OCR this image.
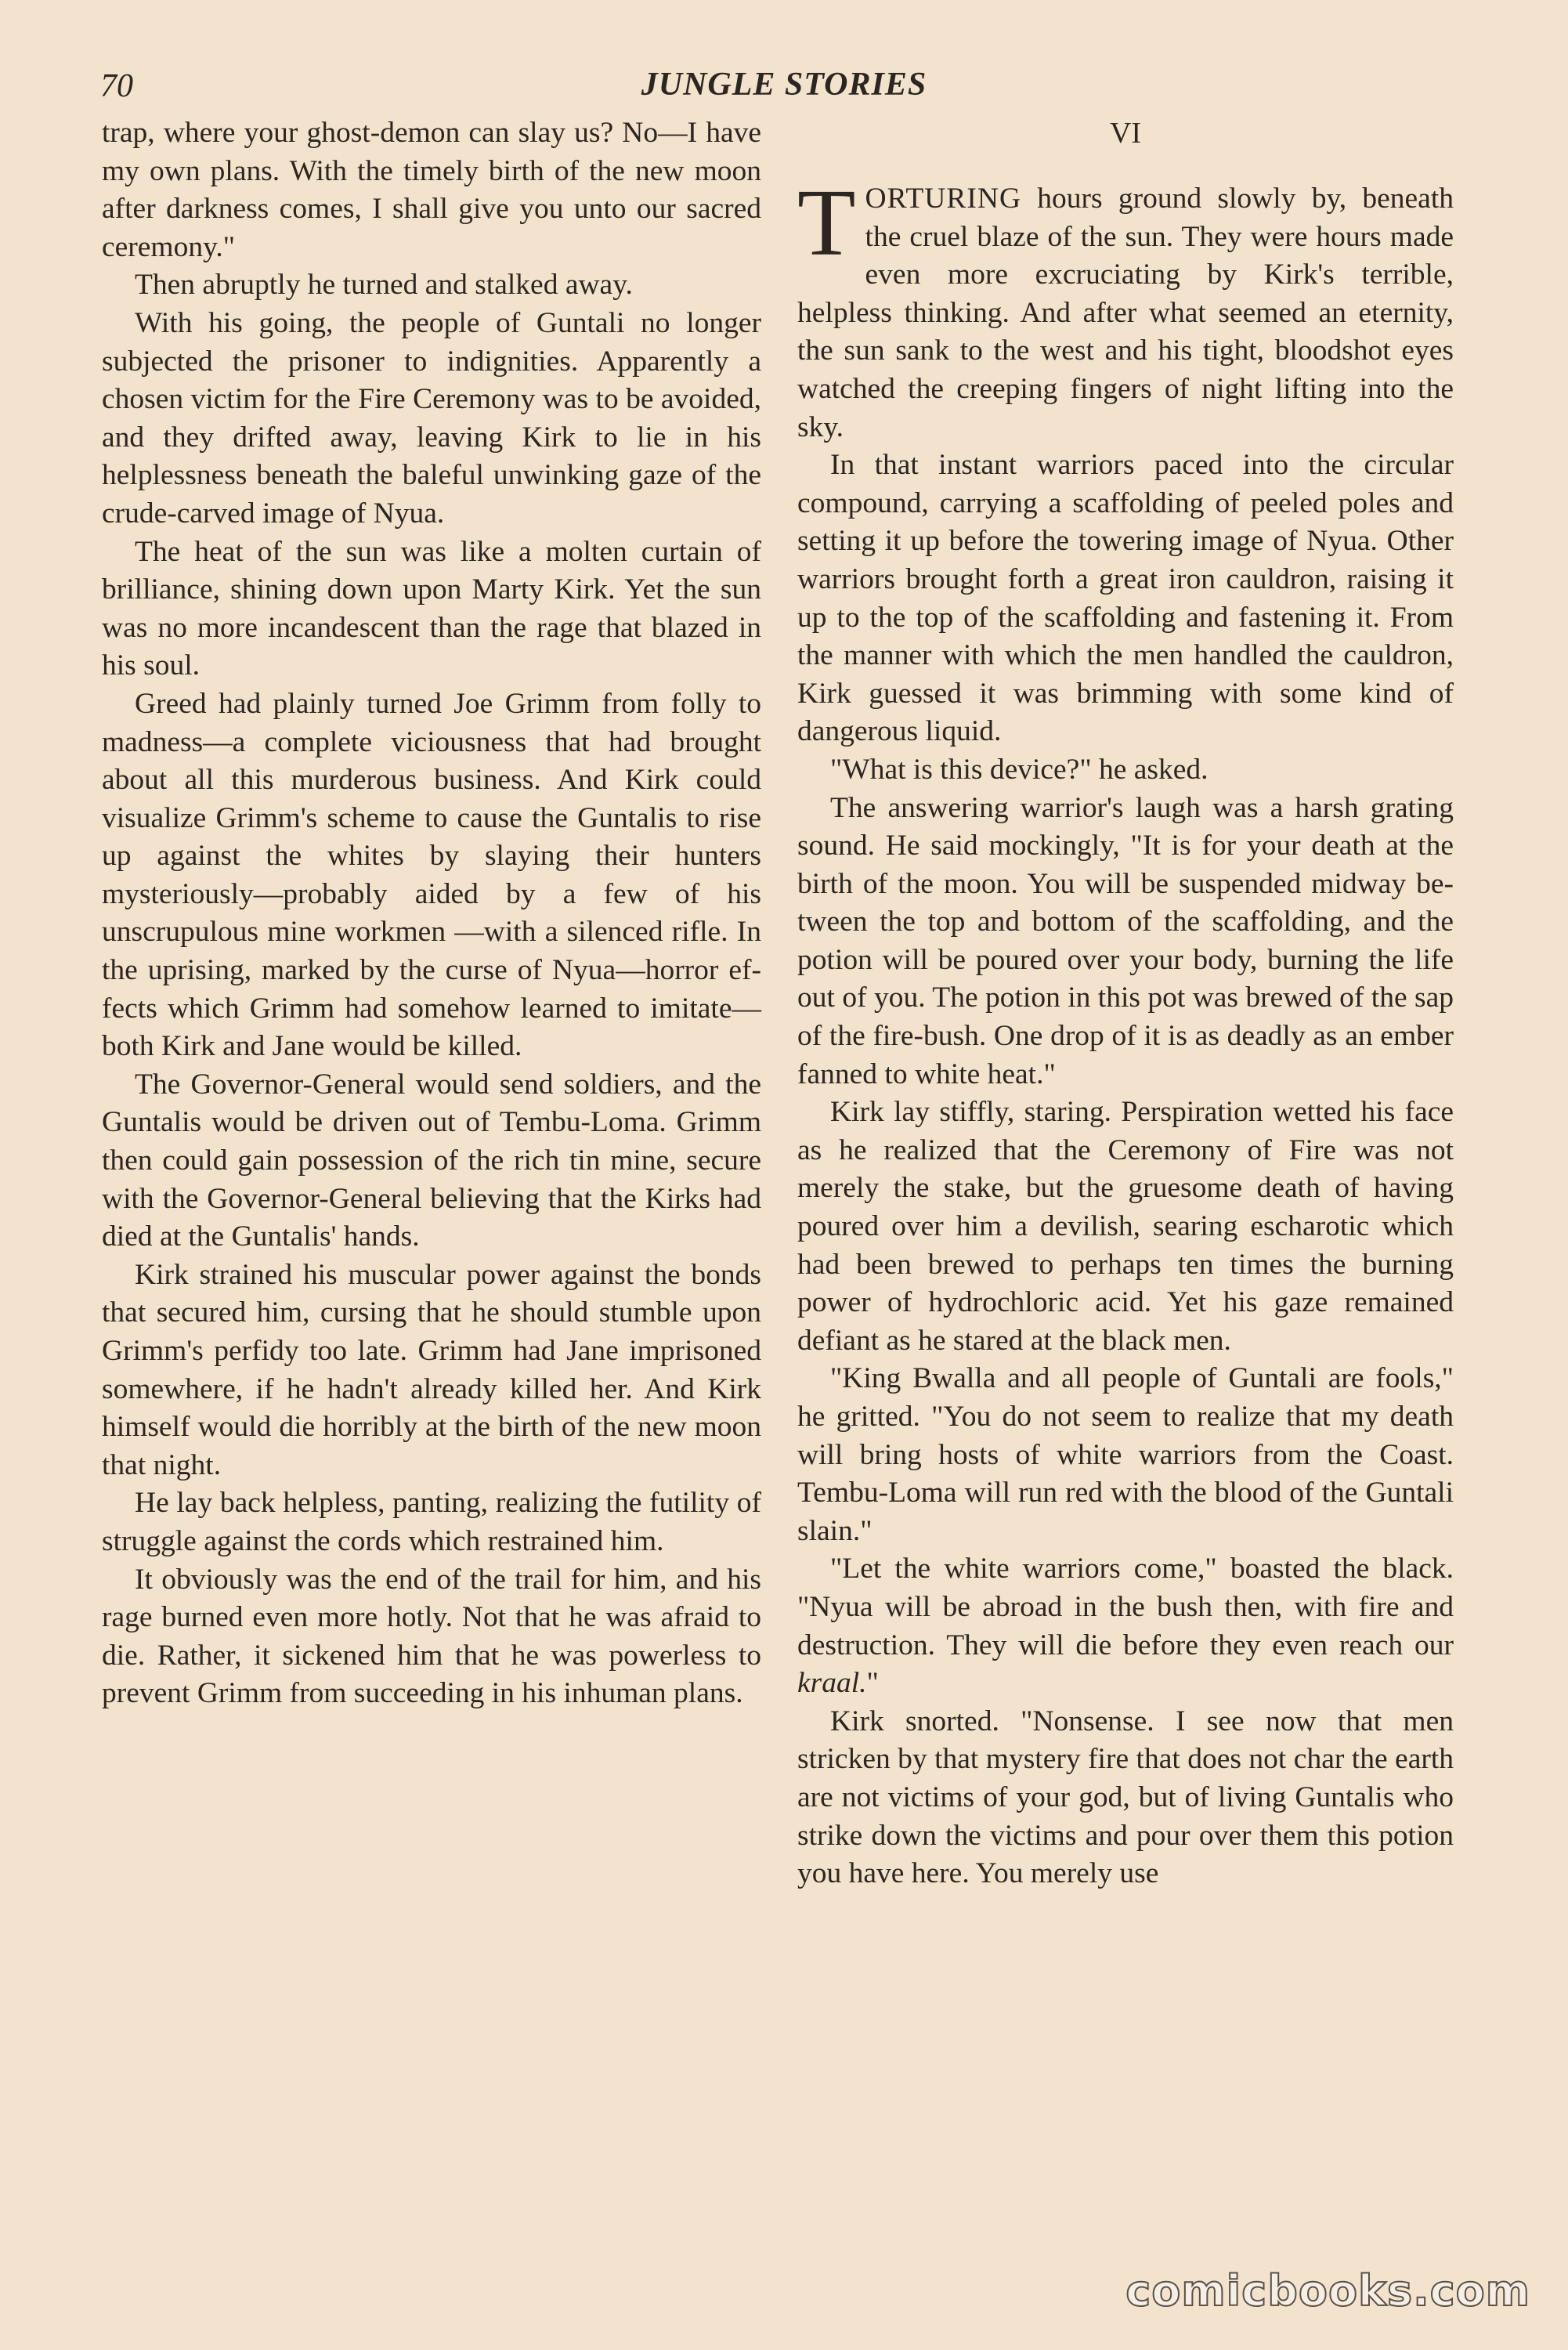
70	JUNGLE STORIES

trap, where your ghost-demon can slay us? No—I have my own plans. With the timely birth of the new moon after darkness comes, I shall give you unto our sacred ceremony."

Then abruptly he turned and stalked away.

With his going, the people of Guntali no longer subjected the prisoner to indignities. Apparently a chosen victim for the Fire Ceremony was to be avoided, and they drifted away, leaving Kirk to lie in his helplessness beneath the baleful unwinking gaze of the crude-carved image of Nyua.

The heat of the sun was like a molten curtain of brilliance, shining down upon Marty Kirk. Yet the sun was no more incandescent than the rage that blazed in his soul.

Greed had plainly turned Joe Grimm from folly to madness—a complete viciousness that had brought about all this murderous business. And Kirk could visualize Grimm's scheme to cause the Guntalis to rise up against the whites by slaying their hunters mysteriously—probably aided by a few of his unscrupulous mine workmen —with a silenced rifle. In the uprising, marked by the curse of Nyua—horror effects which Grimm had somehow learned to imitate—both Kirk and Jane would be killed.

The Governor-General would send soldiers, and the Guntalis would be driven out of Tembu-Loma. Grimm then could gain possession of the rich tin mine, secure with the Governor-General believing that the Kirks had died at the Guntalis' hands.

Kirk strained his muscular power against the bonds that secured him, cursing that he should stumble upon Grimm's perfidy too late. Grimm had Jane imprisoned somewhere, if he hadn't already killed her. And Kirk himself would die horribly at the birth of the new moon that night.

He lay back helpless, panting, realizing the futility of struggle against the cords which restrained him.

It obviously was the end of the trail for him, and his rage burned even more hotly. Not that he was afraid to die. Rather, it sickened him that he was powerless to prevent Grimm from succeeding in his inhuman plans.

VI

TORTURING hours ground slowly by, beneath the cruel blaze of the sun. They were hours made even more excruciating by Kirk's terrible, helpless thinking. And after what seemed an eternity, the sun sank to the west and his tight, bloodshot eyes watched the creeping fingers of night lifting into the sky.

In that instant warriors paced into the circular compound, carrying a scaffolding of peeled poles and setting it up before the towering image of Nyua. Other warriors brought forth a great iron cauldron, raising it up to the top of the scaffolding and fastening it. From the manner with which the men handled the cauldron, Kirk guessed it was brimming with some kind of dangerous liquid.

"What is this device?" he asked.

The answering warrior's laugh was a harsh grating sound. He said mockingly, "It is for your death at the birth of the moon. You will be suspended midway between the top and bottom of the scaffolding, and the potion will be poured over your body, burning the life out of you. The potion in this pot was brewed of the sap of the fire-bush. One drop of it is as deadly as an ember fanned to white heat."

Kirk lay stiffly, staring. Perspiration wetted his face as he realized that the Ceremony of Fire was not merely the stake, but the gruesome death of having poured over him a devilish, searing escharotic which had been brewed to perhaps ten times the burning power of hydrochloric acid. Yet his gaze remained defiant as he stared at the black men.

"King Bwalla and all people of Guntali are fools," he gritted. "You do not seem to realize that my death will bring hosts of white warriors from the Coast. Tembu-Loma will run red with the blood of the Guntali slain."

"Let the white warriors come," boasted the black. "Nyua will be abroad in the bush then, with fire and destruction. They will die before they even reach our kraal."

Kirk snorted. "Nonsense. I see now that men stricken by that mystery fire that does not char the earth are not victims of your god, but of living Guntalis who strike down the victims and pour over them this potion you have here. You merely use

comicbooks.com
